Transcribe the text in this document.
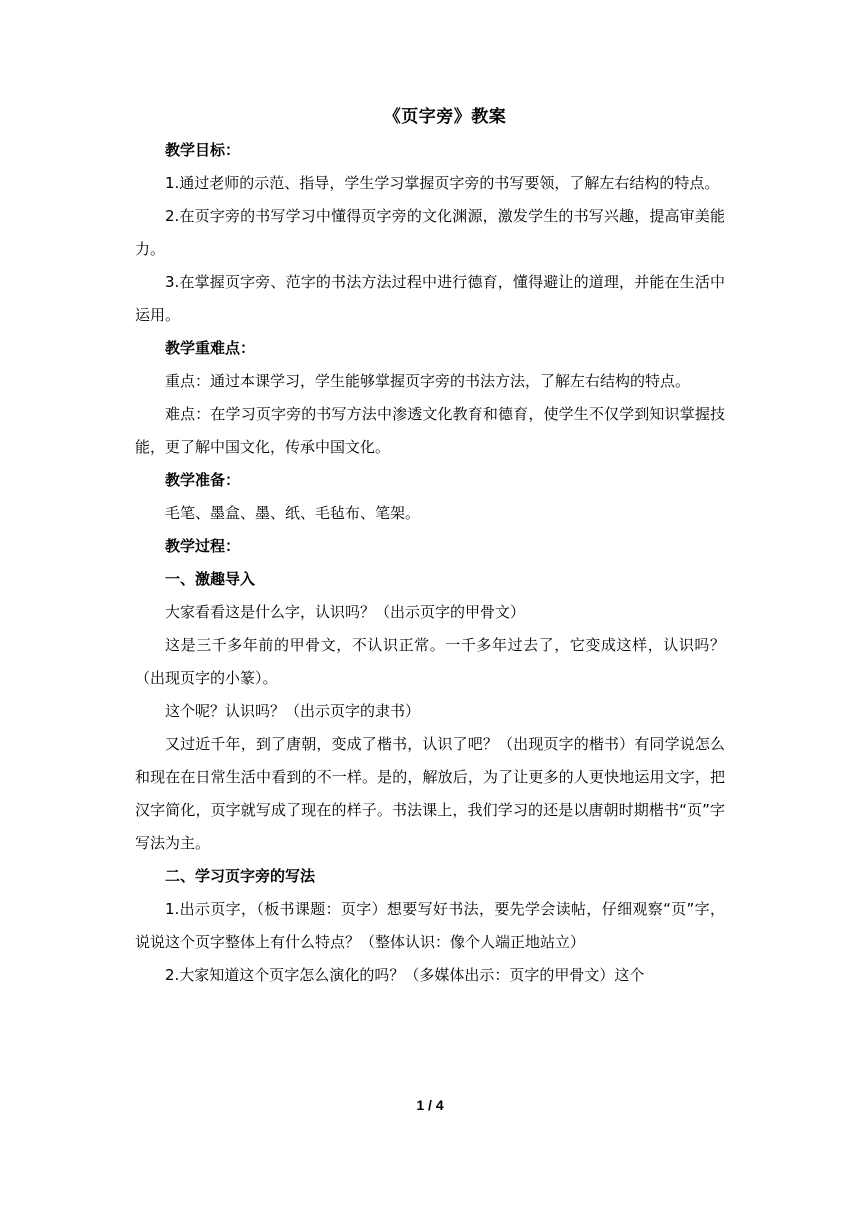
《页字旁》教案

教学目标：

1.通过老师的示范、指导，学生学习掌握页字旁的书写要领，了解左右结构的特点。

2.在页字旁的书写学习中懂得页字旁的文化渊源，激发学生的书写兴趣，提高审美能力。

3.在掌握页字旁、范字的书法方法过程中进行德育，懂得避让的道理，并能在生活中运用。

教学重难点：

重点：通过本课学习，学生能够掌握页字旁的书法方法，了解左右结构的特点。

难点：在学习页字旁的书写方法中渗透文化教育和德育，使学生不仅学到知识掌握技能，更了解中国文化，传承中国文化。

教学准备：

毛笔、墨盒、墨、纸、毛毡布、笔架。

教学过程：

一、激趣导入

大家看看这是什么字，认识吗？（出示页字的甲骨文）

这是三千多年前的甲骨文，不认识正常。一千多年过去了，它变成这样，认识吗？（出现页字的小篆）。

这个呢？认识吗？（出示页字的隶书）

又过近千年，到了唐朝，变成了楷书，认识了吧？（出现页字的楷书）有同学说怎么和现在在日常生活中看到的不一样。是的，解放后，为了让更多的人更快地运用文字，把汉字简化，页字就写成了现在的样子。书法课上，我们学习的还是以唐朝时期楷书“页”字写法为主。

二、学习页字旁的写法

1.出示页字，（板书课题：页字）想要写好书法，要先学会读帖，仔细观察“页”字，说说这个页字整体上有什么特点？（整体认识：像个人端正地站立）

2.大家知道这个页字怎么演化的吗？（多媒体出示：页字的甲骨文）这个

1 / 4
